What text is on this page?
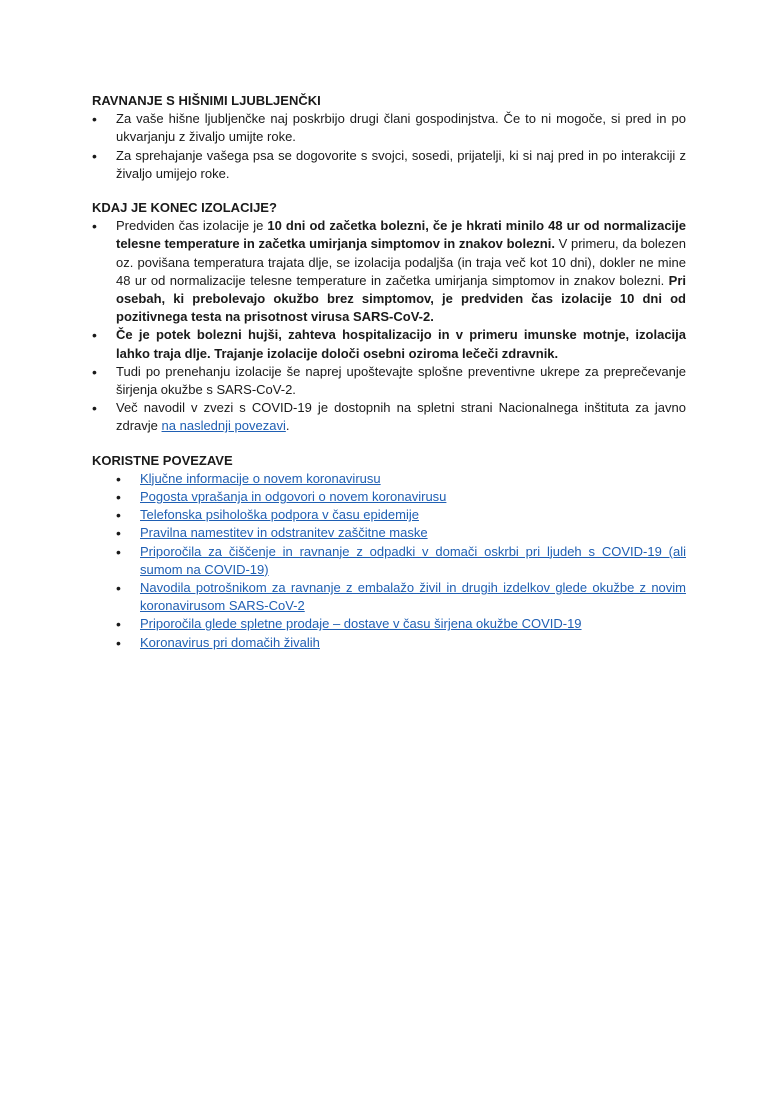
RAVNANJE S HIŠNIMI LJUBLJENČKI
• Za vaše hišne ljubljenčke naj poskrbijo drugi člani gospodinjstva. Če to ni mogoče, si pred in po ukvarjanju z živaljo umijte roke.
• Za sprehajanje vašega psa se dogovorite s svojci, sosedi, prijatelji, ki si naj pred in po interakciji z živaljo umijejo roke.
KDAJ JE KONEC IZOLACIJE?
• Predviden čas izolacije je 10 dni od začetka bolezni, če je hkrati minilo 48 ur od normalizacije telesne temperature in začetka umirjanja simptomov in znakov bolezni. V primeru, da bolezen oz. povišana temperatura trajata dlje, se izolacija podaljša (in traja več kot 10 dni), dokler ne mine 48 ur od normalizacije telesne temperature in začetka umirjanja simptomov in znakov bolezni. Pri osebah, ki prebolevajo okužbo brez simptomov, je predviden čas izolacije 10 dni od pozitivnega testa na prisotnost virusa SARS-CoV-2.
• Če je potek bolezni hujši, zahteva hospitalizacijo in v primeru imunske motnje, izolacija lahko traja dlje. Trajanje izolacije določi osebni oziroma lečeči zdravnik.
• Tudi po prenehanju izolacije še naprej upoštevajte splošne preventivne ukrepe za preprečevanje širjenja okužbe s SARS-CoV-2.
• Več navodil v zvezi s COVID-19 je dostopnih na spletni strani Nacionalnega inštituta za javno zdravje na naslednji povezavi.
KORISTNE POVEZAVE
• Ključne informacije o novem koronavirusu
• Pogosta vprašanja in odgovori o novem koronavirusu
• Telefonska psihološka podpora v času epidemije
• Pravilna namestitev in odstranitev zaščitne maske
• Priporočila za čiščenje in ravnanje z odpadki v domači oskrbi pri ljudeh s COVID-19 (ali sumom na COVID-19)
• Navodila potrošnikom za ravnanje z embalažo živil in drugih izdelkov glede okužbe z novim koronavirusom SARS-CoV-2
• Priporočila glede spletne prodaje – dostave v času širjena okužbe COVID-19
• Koronavirus pri domačih živalih
